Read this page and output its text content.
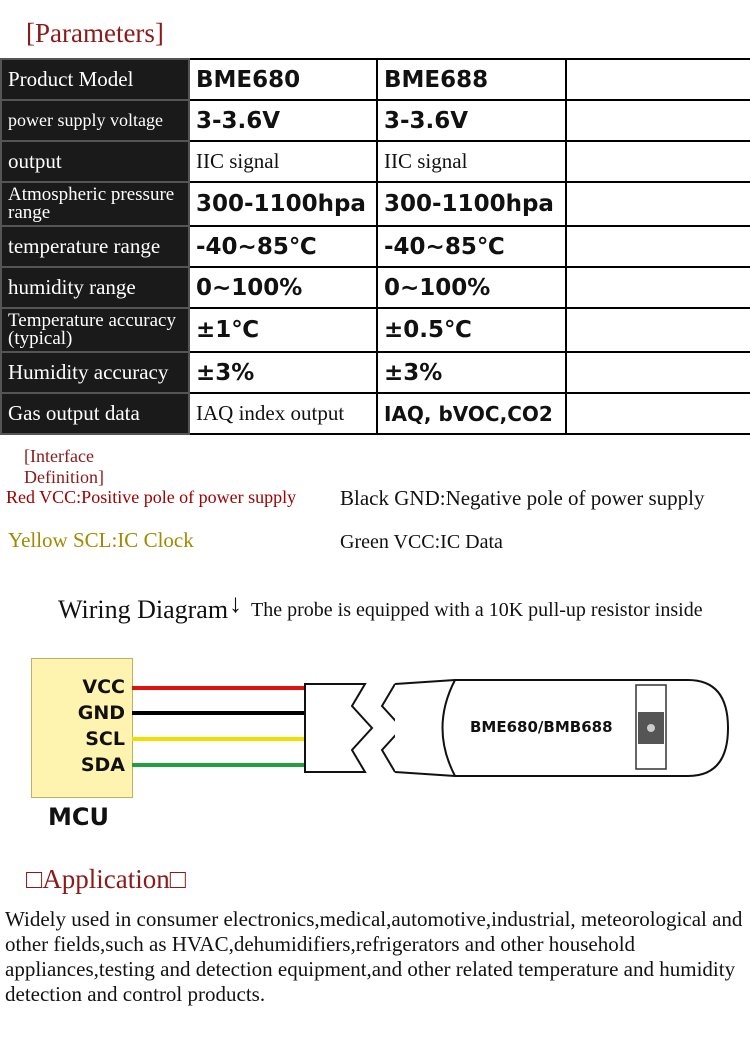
[Parameters]
Product Model	BME680	BME688	
power supply voltage	3-3.6V	3-3.6V	
output	IIC signal	IIC signal	
Atmospheric pressure range	300-1100hpa	300-1100hpa	
temperature range	-40~85℃	-40~85℃	
humidity range	0~100%	0~100%	
Temperature accuracy (typical)	±1℃	±0.5℃	
Humidity accuracy	±3%	±3%	
Gas output data	IAQ index output	IAQ, bVOC,CO2	
[Interface Definition]
Red VCC:Positive pole of power supply Black GND:Negative pole of power supply
Yellow SCL:IC Clock	Green VCC:IC Data
Wiring Diagram ↓ The probe is equipped with a 10K pull-up resistor inside
VCC
GND
SCL
SDA
MCU
BME680/BMB688
□Application□
Widely used in consumer electronics,medical,automotive,industrial, meteorological and other fields,such as HVAC,dehumidifiers,refrigerators and other household appliances,testing and detection equipment,and other related temperature and humidity detection and control products.
